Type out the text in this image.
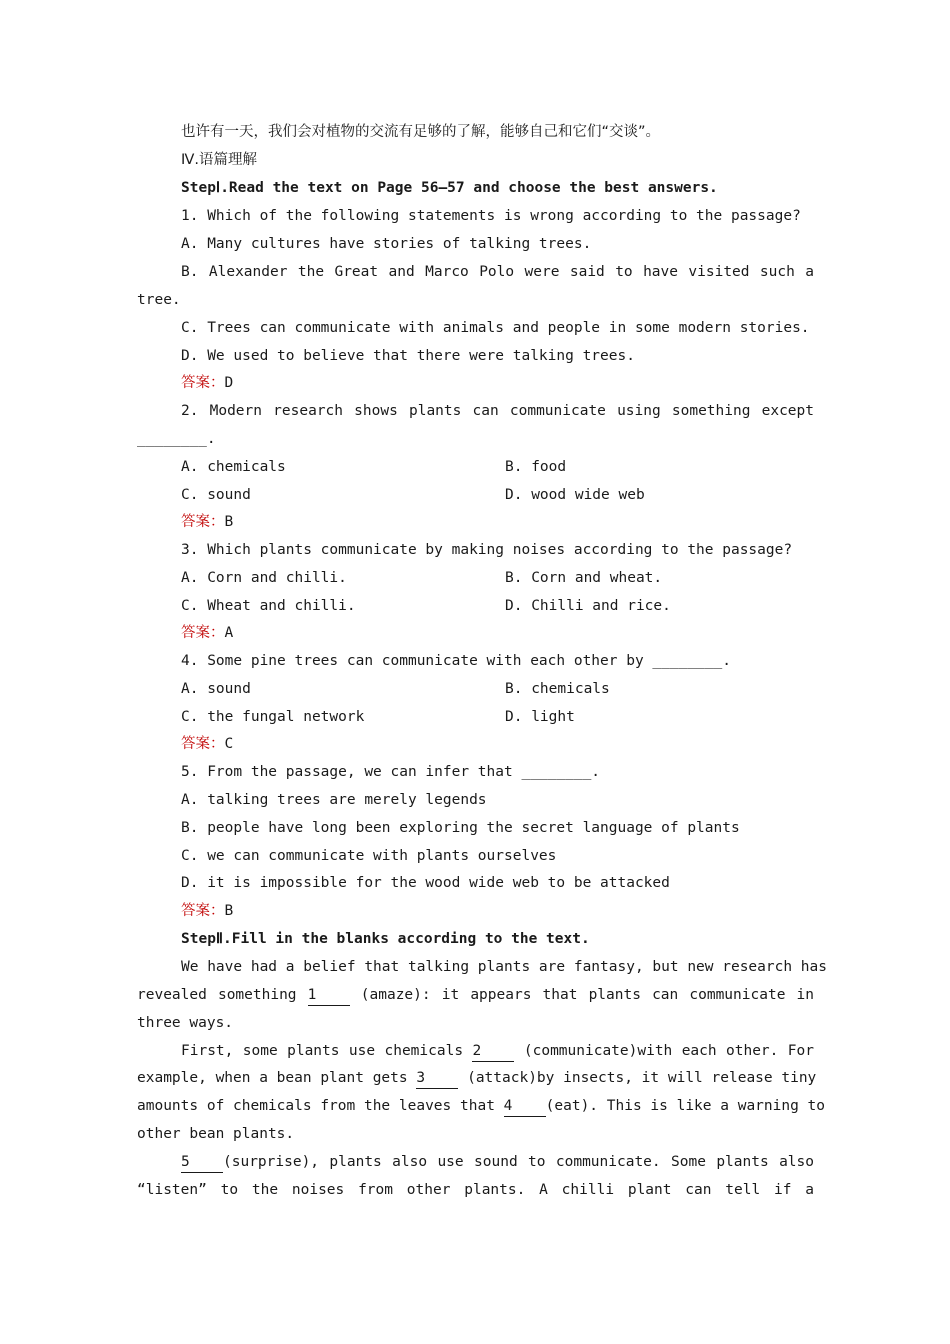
也许有一天，我们会对植物的交流有足够的了解，能够自己和它们“交谈”。
Ⅳ.语篇理解
StepⅠ.Read the text on Page 56—57 and choose the best answers.
1. Which of the following statements is wrong according to the passage?
A. Many cultures have stories of talking trees.
B. Alexander the Great and Marco Polo were said to have visited such a
tree.
C. Trees can communicate with animals and people in some modern stories.
D. We used to believe that there were talking trees.
答案：D
2. Modern research shows plants can communicate using something except
________.
A. chemicals	B. food
C. sound	D. wood wide web
答案：B
3. Which plants communicate by making noises according to the passage?
A. Corn and chilli.	B. Corn and wheat.
C. Wheat and chilli.	D. Chilli and rice.
答案：A
4. Some pine trees can communicate with each other by ________.
A. sound	B. chemicals
C. the fungal network	D. light
答案：C
5. From the passage, we can infer that ________.
A. talking trees are merely legends
B. people have long been exploring the secret language of plants
C. we can communicate with plants ourselves
D. it is impossible for the wood wide web to be attacked
答案：B
StepⅡ.Fill in the blanks according to the text.
We have had a belief that talking plants are fantasy, but new research has
revealed something 1 (amaze): it appears that plants can communicate in
three ways.
First, some plants use chemicals 2 (communicate)with each other. For
example, when a bean plant gets 3 (attack)by insects, it will release tiny
amounts of chemicals from the leaves that 4 (eat). This is like a warning to
other bean plants.
5 (surprise), plants also use sound to communicate. Some plants also
“listen” to the noises from other plants. A chilli plant can tell if a
